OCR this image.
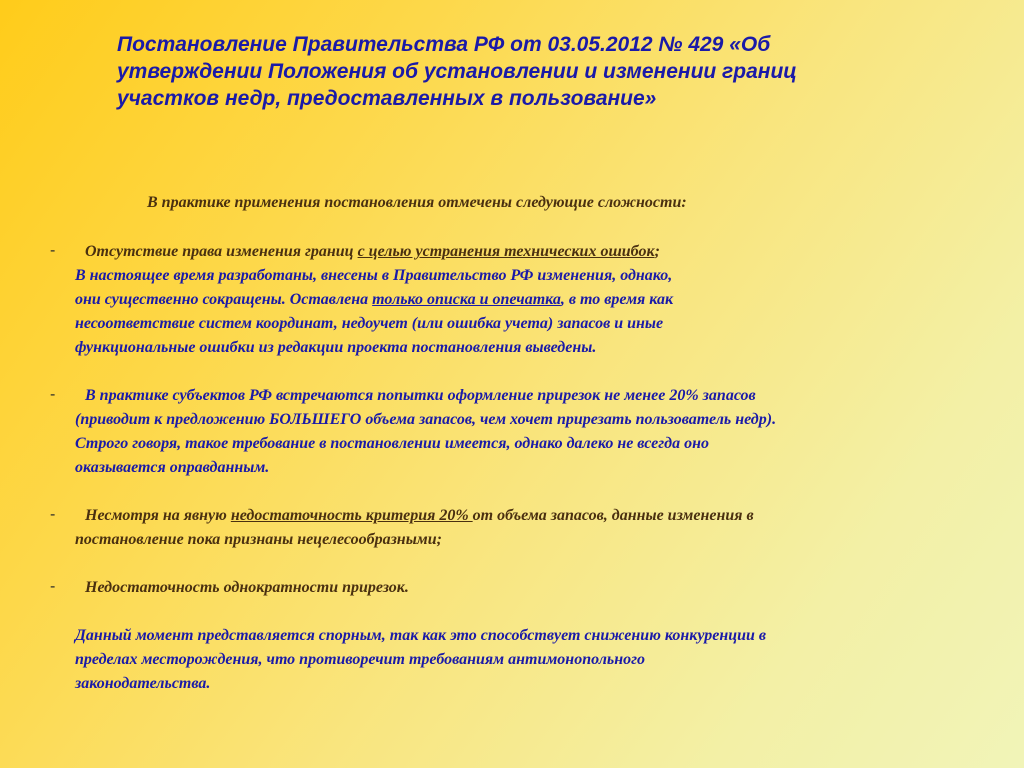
Постановление Правительства РФ от 03.05.2012 № 429 «Об
утверждении Положения об установлении и изменении границ
участков недр, предоставленных в пользование»
В практике применения постановления отмечены следующие сложности:
- Отсутствие права изменения границ с целью устранения технических ошибок;
В настоящее время разработаны, внесены в Правительство РФ изменения, однако,
они существенно сокращены. Оставлена только описка и опечатка, в то время как
несоответствие систем координат, недоучет (или ошибка учета) запасов и иные
функциональные ошибки из редакции проекта постановления выведены.
- В практике субъектов РФ встречаются попытки оформление прирезок не менее 20% запасов
(приводит к предложению БОЛЬШЕГО объема запасов, чем хочет прирезать пользователь недр).
Строго говоря, такое требование в постановлении имеется, однако далеко не всегда оно
оказывается оправданным.
- Несмотря на явную недостаточность критерия 20% от объема запасов, данные изменения в
постановление пока признаны нецелесообразными;
- Недостаточность однократности прирезок.
Данный момент представляется спорным, так как это способствует снижению конкуренции в
пределах месторождения, что противоречит требованиям антимонопольного
законодательства.
